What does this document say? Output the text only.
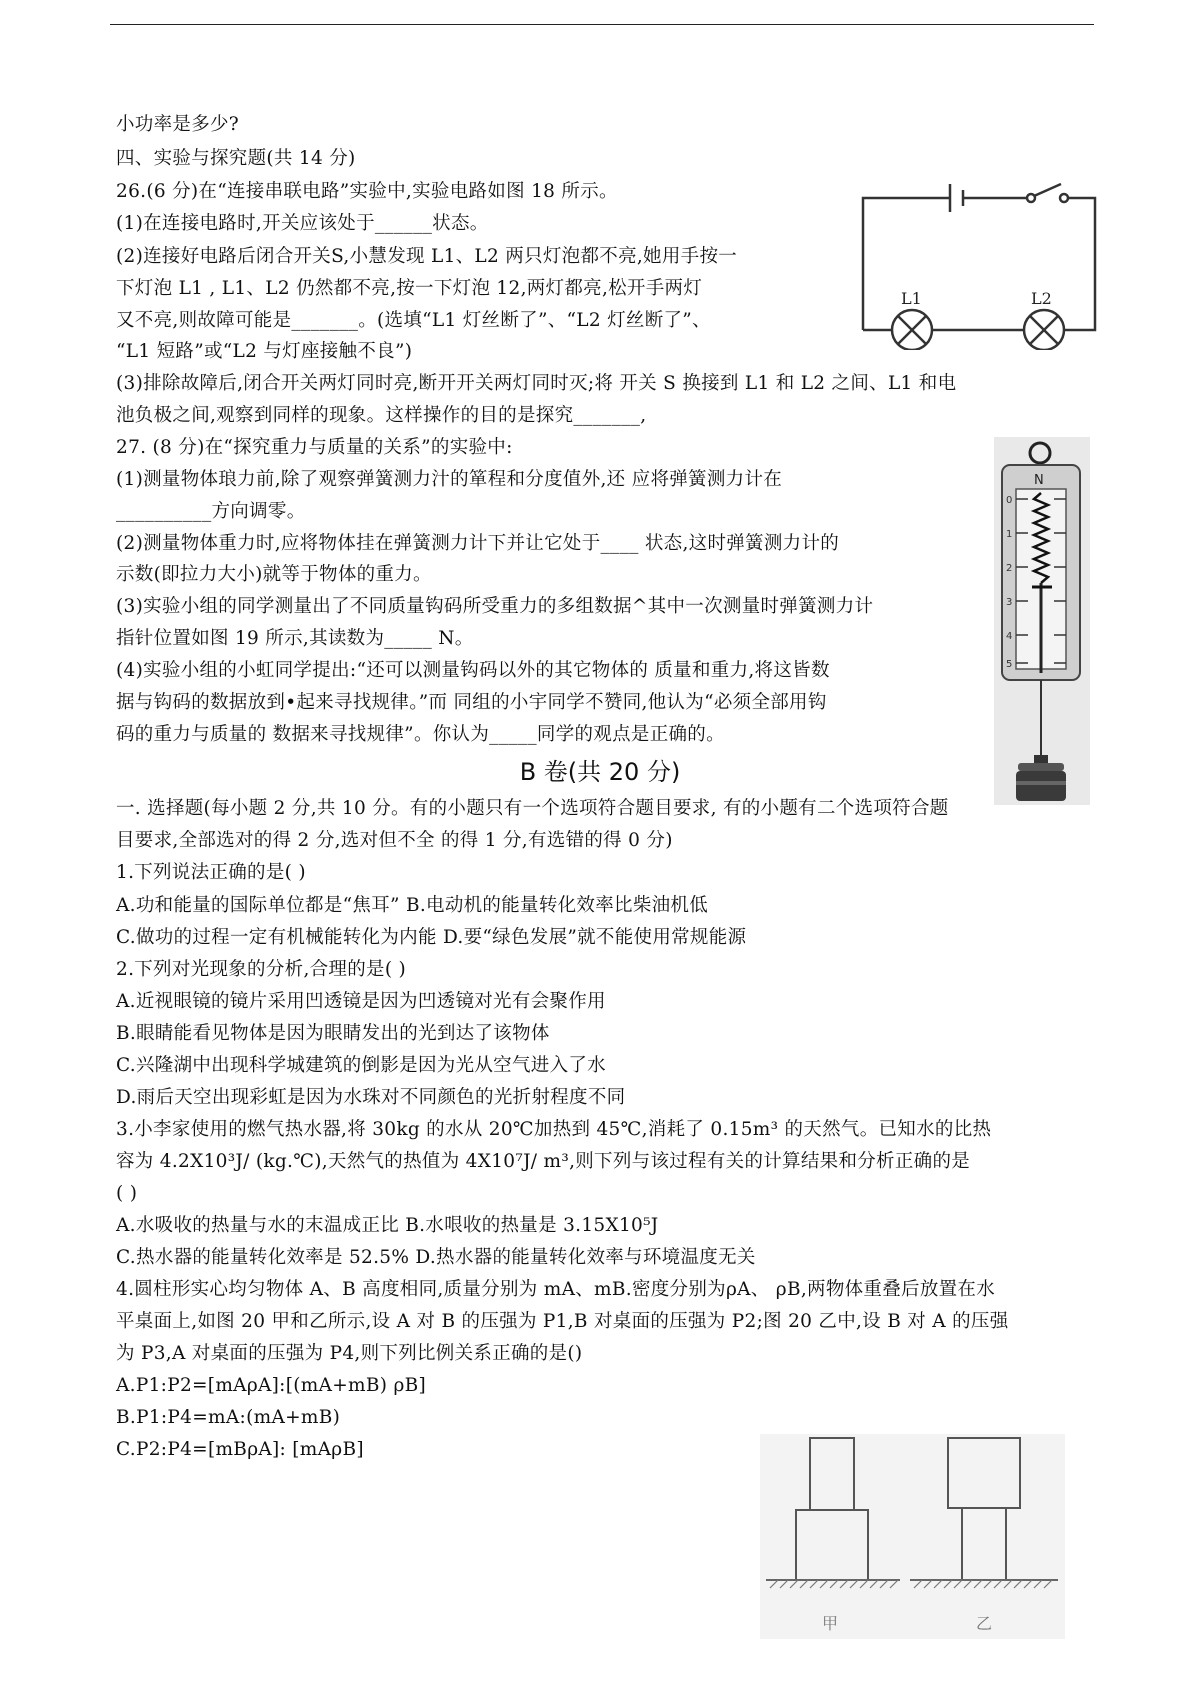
小功率是多少?
四、实验与探究题(共 14 分)
26.(6 分)在“连接串联电路”实验中,实验电路如图 18 所示。
(1)在连接电路时,开关应该处于______状态。
(2)连接好电路后闭合开关S,小慧发现 L1、L2 两只灯泡都不亮,她用手按一
下灯泡 L1 , L1、L2 仍然都不亮,按一下灯泡 12,两灯都亮,松开手两灯
又不亮,则故障可能是_______。(选填“L1 灯丝断了”、“L2 灯丝断了”、
“L1 短路”或“L2 与灯座接触不良”)
(3)排除故障后,闭合开关两灯同时亮,断开开关两灯同时灭;将 开关 S 换接到 L1 和 L2 之间、L1 和电
池负极之间,观察到同样的现象。这样操作的目的是探究_______,
27. (8 分)在“探究重力与质量的关系”的实验中:
(1)测量物体琅力前,除了观察弹簧测力汁的箪程和分度值外,还 应将弹簧测力计在
__________方向调零。
(2)测量物体重力时,应将物体挂在弹簧测力计下并让它处于____ 状态,这时弹簧测力计的
示数(即拉力大小)就等于物体的重力。
(3)实验小组的同学测量出了不同质量钩码所受重力的多组数据^其中一次测量时弹簧测力计
指针位置如图 19 所示,其读数为_____ N。
(4)实验小组的小虹同学提出:“还可以测量钩码以外的其它物体的 质量和重力,将这皆数
据与钩码的数据放到•起来寻找规律。”而 同组的小宇同学不赞同,他认为“必须全部用钩
码的重力与质量的 数据来寻找规律”。你认为_____同学的观点是正确的。
B 卷(共 20 分)
一. 选择题(每小题 2 分,共 10 分。有的小题只有一个选项符合题目要求, 有的小题有二个选项符合题
目要求,全部选对的得 2 分,选对但不全 的得 1 分,有选错的得 0 分)
1.下列说法正确的是( )
A.功和能量的国际单位都是“焦耳” B.电动机的能量转化效率比柴油机低
C.做功的过程一定有机械能转化为内能 D.要“绿色发展”就不能使用常规能源
2.下列对光现象的分析,合理的是( )
A.近视眼镜的镜片采用凹透镜是因为凹透镜对光有会聚作用
B.眼睛能看见物体是因为眼睛发出的光到达了该物体
C.兴隆湖中出现科学城建筑的倒影是因为光从空气进入了水
D.雨后天空出现彩虹是因为水珠对不同颜色的光折射程度不同
3.小李家使用的燃气热水器,将 30kg 的水从 20℃加热到 45℃,消耗了 0.15m³ 的天然气。已知水的比热
容为 4.2X10³J/ (kg.℃),天然气的热值为 4X10⁷J/ m³,则下列与该过程有关的计算结果和分析正确的是
( )
A.水吸收的热量与水的末温成正比 B.水哏收的热量是 3.15X10⁵J
C.热水器的能量转化效率是 52.5% D.热水器的能量转化效率与环境温度无关
4.圆柱形实心均匀物体 A、B 高度相同,质量分别为 mA、mB.密度分别为ρA、 ρB,两物体重叠后放置在水
平桌面上,如图 20 甲和乙所示,设 A 对 B 的压强为 P1,B 对桌面的压强为 P2;图 20 乙中,设 B 对 A 的压强
为 P3,A 对桌面的压强为 P4,则下列比例关系正确的是()
A.P1:P2=[mAρA]:[(mA+mB) ρB]
B.P1:P4=mA:(mA+mB)
C.P2:P4=[mBρA]: [mAρB]
L1	L2
N
0
1
2
3
4
5
甲	乙
